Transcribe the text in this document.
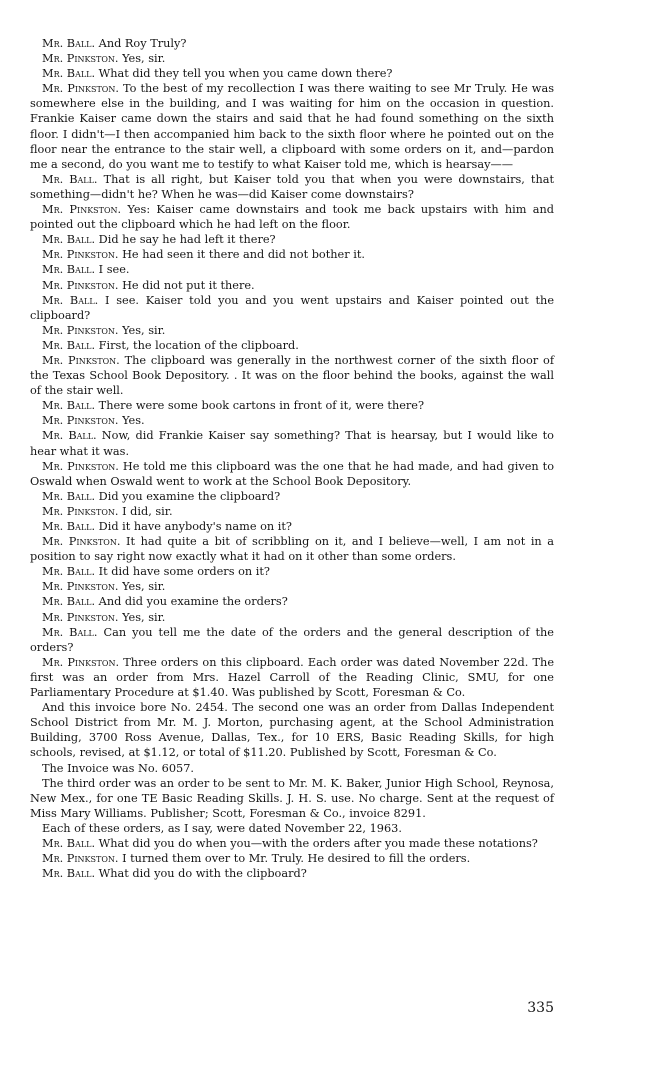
Mr. Ball. And Roy Truly?

Mr. Pinkston. Yes, sir.

Mr. Ball. What did they tell you when you came down there?

Mr. Pinkston. To the best of my recollection I was there waiting to see Mr Truly. He was somewhere else in the building, and I was waiting for him on the occasion in question. Frankie Kaiser came down the stairs and said that he had found something on the sixth floor. I didn't—I then accompanied him back to the sixth floor where he pointed out on the floor near the entrance to the stair well, a clipboard with some orders on it, and—pardon me a second, do you want me to testify to what Kaiser told me, which is hearsay——

Mr. Ball. That is all right, but Kaiser told you that when you were downstairs, that something—didn't he? When he was—did Kaiser come downstairs?

Mr. Pinkston. Yes: Kaiser came downstairs and took me back upstairs with him and pointed out the clipboard which he had left on the floor.

Mr. Ball. Did he say he had left it there?

Mr. Pinkston. He had seen it there and did not bother it.

Mr. Ball. I see.

Mr. Pinkston. He did not put it there.

Mr. Ball. I see. Kaiser told you and you went upstairs and Kaiser pointed out the clipboard?

Mr. Pinkston. Yes, sir.

Mr. Ball. First, the location of the clipboard.

Mr. Pinkston. The clipboard was generally in the northwest corner of the sixth floor of the Texas School Book Depository. . It was on the floor behind the books, against the wall of the stair well.

Mr. Ball. There were some book cartons in front of it, were there?

Mr. Pinkston. Yes.

Mr. Ball. Now, did Frankie Kaiser say something? That is hearsay, but I would like to hear what it was.

Mr. Pinkston. He told me this clipboard was the one that he had made, and had given to Oswald when Oswald went to work at the School Book Depository.

Mr. Ball. Did you examine the clipboard?

Mr. Pinkston. I did, sir.

Mr. Ball. Did it have anybody's name on it?

Mr. Pinkston. It had quite a bit of scribbling on it, and I believe—well, I am not in a position to say right now exactly what it had on it other than some orders.

Mr. Ball. It did have some orders on it?

Mr. Pinkston. Yes, sir.

Mr. Ball. And did you examine the orders?

Mr. Pinkston. Yes, sir.

Mr. Ball. Can you tell me the date of the orders and the general description of the orders?

Mr. Pinkston. Three orders on this clipboard. Each order was dated November 22d. The first was an order from Mrs. Hazel Carroll of the Reading Clinic, SMU, for one Parliamentary Procedure at $1.40. Was published by Scott, Foresman & Co.

And this invoice bore No. 2454. The second one was an order from Dallas Independent School District from Mr. M. J. Morton, purchasing agent, at the School Administration Building, 3700 Ross Avenue, Dallas, Tex., for 10 ERS, Basic Reading Skills, for high schools, revised, at $1.12, or total of $11.20. Published by Scott, Foresman & Co.

The Invoice was No. 6057.

The third order was an order to be sent to Mr. M. K. Baker, Junior High School, Reynosa, New Mex., for one TE Basic Reading Skills. J. H. S. use. No charge. Sent at the request of Miss Mary Williams. Publisher; Scott, Foresman & Co., invoice 8291.

Each of these orders, as I say, were dated November 22, 1963.

Mr. Ball. What did you do when you—with the orders after you made these notations?

Mr. Pinkston. I turned them over to Mr. Truly. He desired to fill the orders.

Mr. Ball. What did you do with the clipboard?

335
